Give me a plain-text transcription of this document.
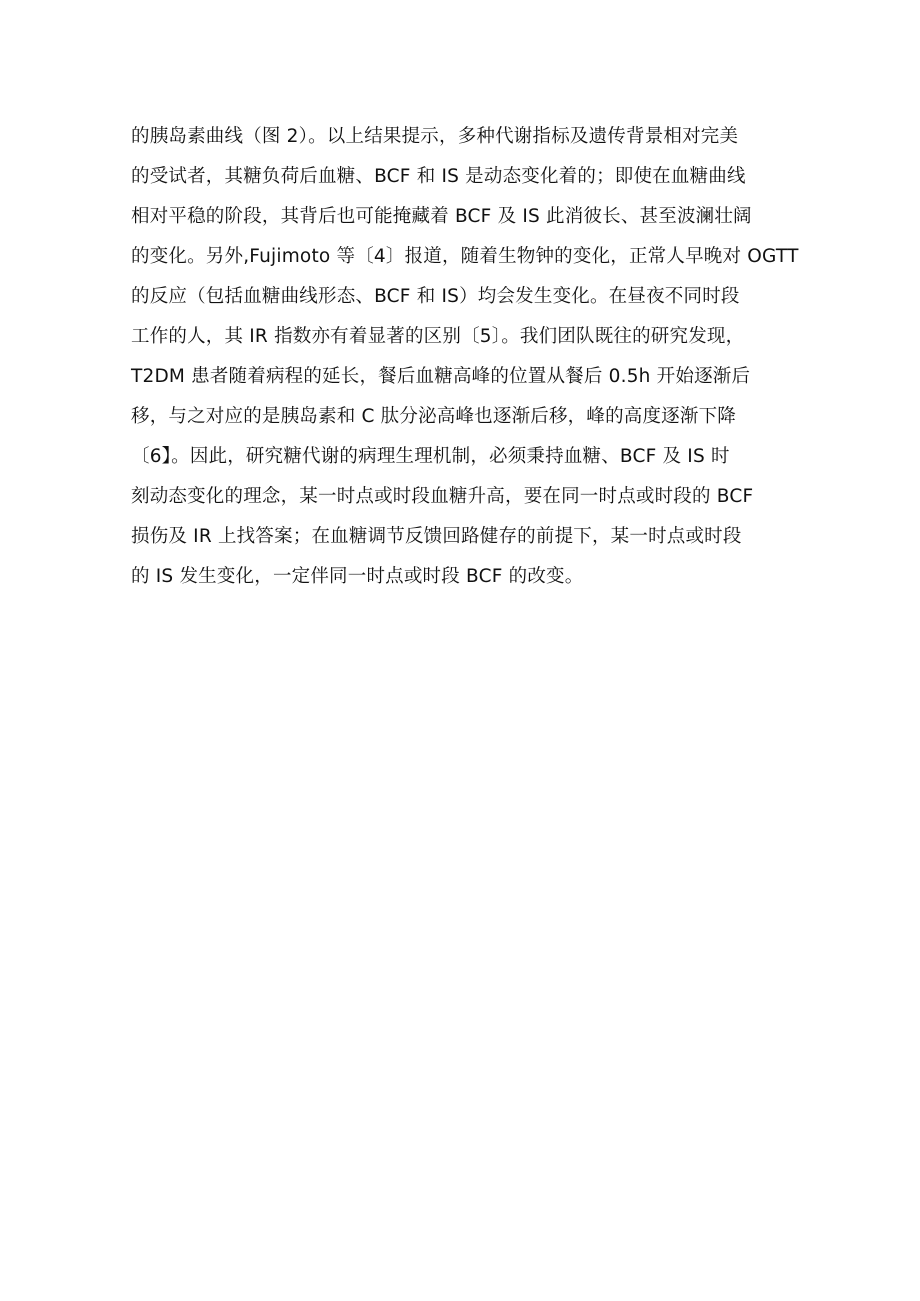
的胰岛素曲线（图 2）。以上结果提示，多种代谢指标及遗传背景相对完美
的受试者，其糖负荷后血糖、BCF 和 IS 是动态变化着的；即使在血糖曲线
相对平稳的阶段，其背后也可能掩藏着 BCF 及 IS 此消彼长、甚至波澜壮阔
的变化。另外,Fujimoto 等〔4〕报道，随着生物钟的变化，正常人早晚对 OGTT
的反应（包括血糖曲线形态、BCF 和 IS）均会发生变化。在昼夜不同时段
工作的人，其 IR 指数亦有着显著的区别〔5〕。我们团队既往的研究发现，
T2DM 患者随着病程的延长，餐后血糖高峰的位置从餐后 0.5h 开始逐渐后
移，与之对应的是胰岛素和 C 肽分泌高峰也逐渐后移，峰的高度逐渐下降
〔6】。因此，研究糖代谢的病理生理机制，必须秉持血糖、BCF 及 IS 时
刻动态变化的理念，某一时点或时段血糖升高，要在同一时点或时段的 BCF
损伤及 IR 上找答案；在血糖调节反馈回路健存的前提下，某一时点或时段
的 IS 发生变化，一定伴同一时点或时段 BCF 的改变。
